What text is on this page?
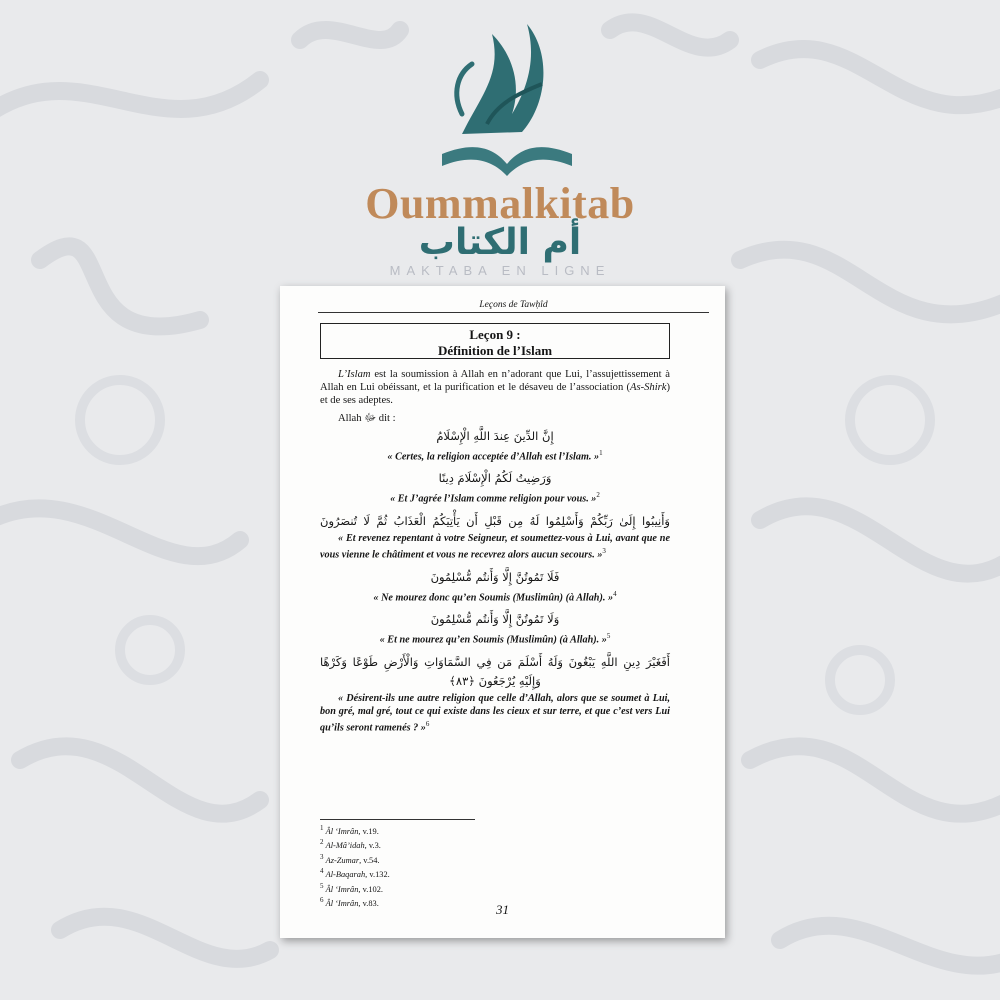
Oummalkitab
أم الكتاب
MAKTABA EN LIGNE
Leçons de Tawḥîd
Leçon 9 :
Définition de l’Islam

L’Islam est la soumission à Allah en n’adorant que Lui, l’assujettissement à Allah en Lui obéissant, et la purification et le désaveu de l’association (As-Shirk) et de ses adeptes.

Allah ﷻ dit :

إِنَّ الدِّينَ عِندَ اللَّهِ الْإِسْلَامُ

« Certes, la religion acceptée d’Allah est l’Islam. »$^1$

وَرَضِيتُ لَكُمُ الْإِسْلَامَ دِينًا

« Et J’agrée l’Islam comme religion pour vous. »$^2$

وَأَنِيبُوا إِلَىٰ رَبِّكُمْ وَأَسْلِمُوا لَهُ مِن قَبْلِ أَن يَأْتِيَكُمُ الْعَذَابُ ثُمَّ لَا تُنصَرُونَ

« Et revenez repentant à votre Seigneur, et soumettez-vous à Lui, avant que ne vous vienne le châtiment et vous ne recevrez alors aucun secours. »$^3$

فَلَا تَمُوتُنَّ إِلَّا وَأَنتُم مُّسْلِمُونَ

« Ne mourez donc qu’en Soumis (Muslimûn) (à Allah). »$^4$

وَلَا تَمُوتُنَّ إِلَّا وَأَنتُم مُّسْلِمُونَ

« Et ne mourez qu’en Soumis (Muslimûn) (à Allah). »$^5$

أَفَغَيْرَ دِينِ اللَّهِ يَبْغُونَ وَلَهُ أَسْلَمَ مَن فِي السَّمَاوَاتِ وَالْأَرْضِ طَوْعًا وَكَرْهًا
وَإِلَيْهِ يُرْجَعُونَ ﴿٨٣﴾

« Désirent-ils une autre religion que celle d’Allah, alors que se soumet à Lui, bon gré, mal gré, tout ce qui existe dans les cieux et sur terre, et que c’est vers Lui qu’ils seront ramenés ? »$^6$

$^1$ Âl ‘Imrân, v.19.
$^2$ Al-Mâ’idah, v.3.
$^3$ Az-Zumar, v.54.
$^4$ Al-Baqarah, v.132.
$^5$ Âl ‘Imrân, v.102.
$^6$ Âl ‘Imrân, v.83.	31
